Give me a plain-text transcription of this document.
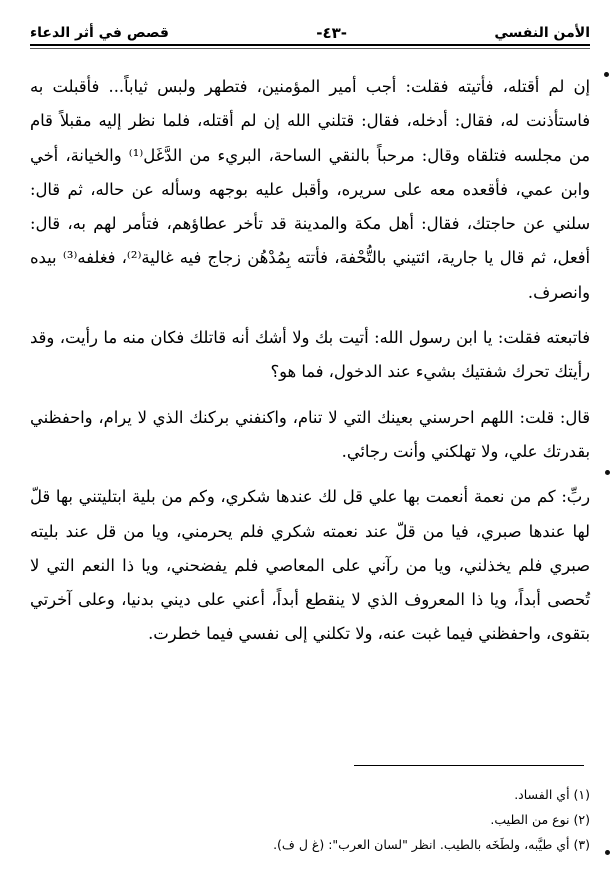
الأمن النفسي
-٤٣-
قصص في أثر الدعاء

إن لم أقتله، فأتيته فقلت: أجب أمير المؤمنين، فتطهر ولبس ثياباً... فأقبلت به فاستأذنت له، فقال: أدخله، فقال: قتلني الله إن لم أقتله، فلما نظر إليه مقبلاً قام من مجلسه فتلقاه وقال: مرحباً بالنقي الساحة، البريء من الدَّغَل⁽¹⁾ والخيانة، أخي وابن عمي، فأقعده معه على سريره، وأقبل عليه بوجهه وسأله عن حاله، ثم قال: سلني عن حاجتك، فقال: أهل مكة والمدينة قد تأخر عطاؤهم، فتأمر لهم به، قال: أفعل، ثم قال يا جارية، ائتيني بالتُّحْفة، فأتته بِمُدْهُن زجاج فيه غالية⁽²⁾، فغلفه⁽³⁾ بيده وانصرف.

فاتبعته فقلت: يا ابن رسول الله: أتيت بك ولا أشك أنه قاتلك فكان منه ما رأيت، وقد رأيتك تحرك شفتيك بشيء عند الدخول، فما هو؟

قال: قلت: اللهم احرسني بعينك التي لا تنام، واكنفني بركنك الذي لا يرام، واحفظني بقدرتك علي، ولا تهلكني وأنت رجائي.

ربِّ: كم من نعمة أنعمت بها علي قل لك عندها شكري، وكم من بلية ابتليتني بها قلّ لها عندها صبري، فيا من قلّ عند نعمته شكري فلم يحرمني، ويا من قل عند بليته صبري فلم يخذلني، ويا من رآني على المعاصي فلم يفضحني، ويا ذا النعم التي لا تُحصى أبداً، ويا ذا المعروف الذي لا ينقطع أبداً، أعني على ديني بدنيا، وعلى آخرتي بتقوى، واحفظني فيما غبت عنه، ولا تكلني إلى نفسي فيما خطرت.

(١) أي الفساد.
(٢) نوع من الطيب.
(٣) أي طيَّبه، ولطَخَه بالطيب. انظر "لسان العرب": (غ ل ف).
